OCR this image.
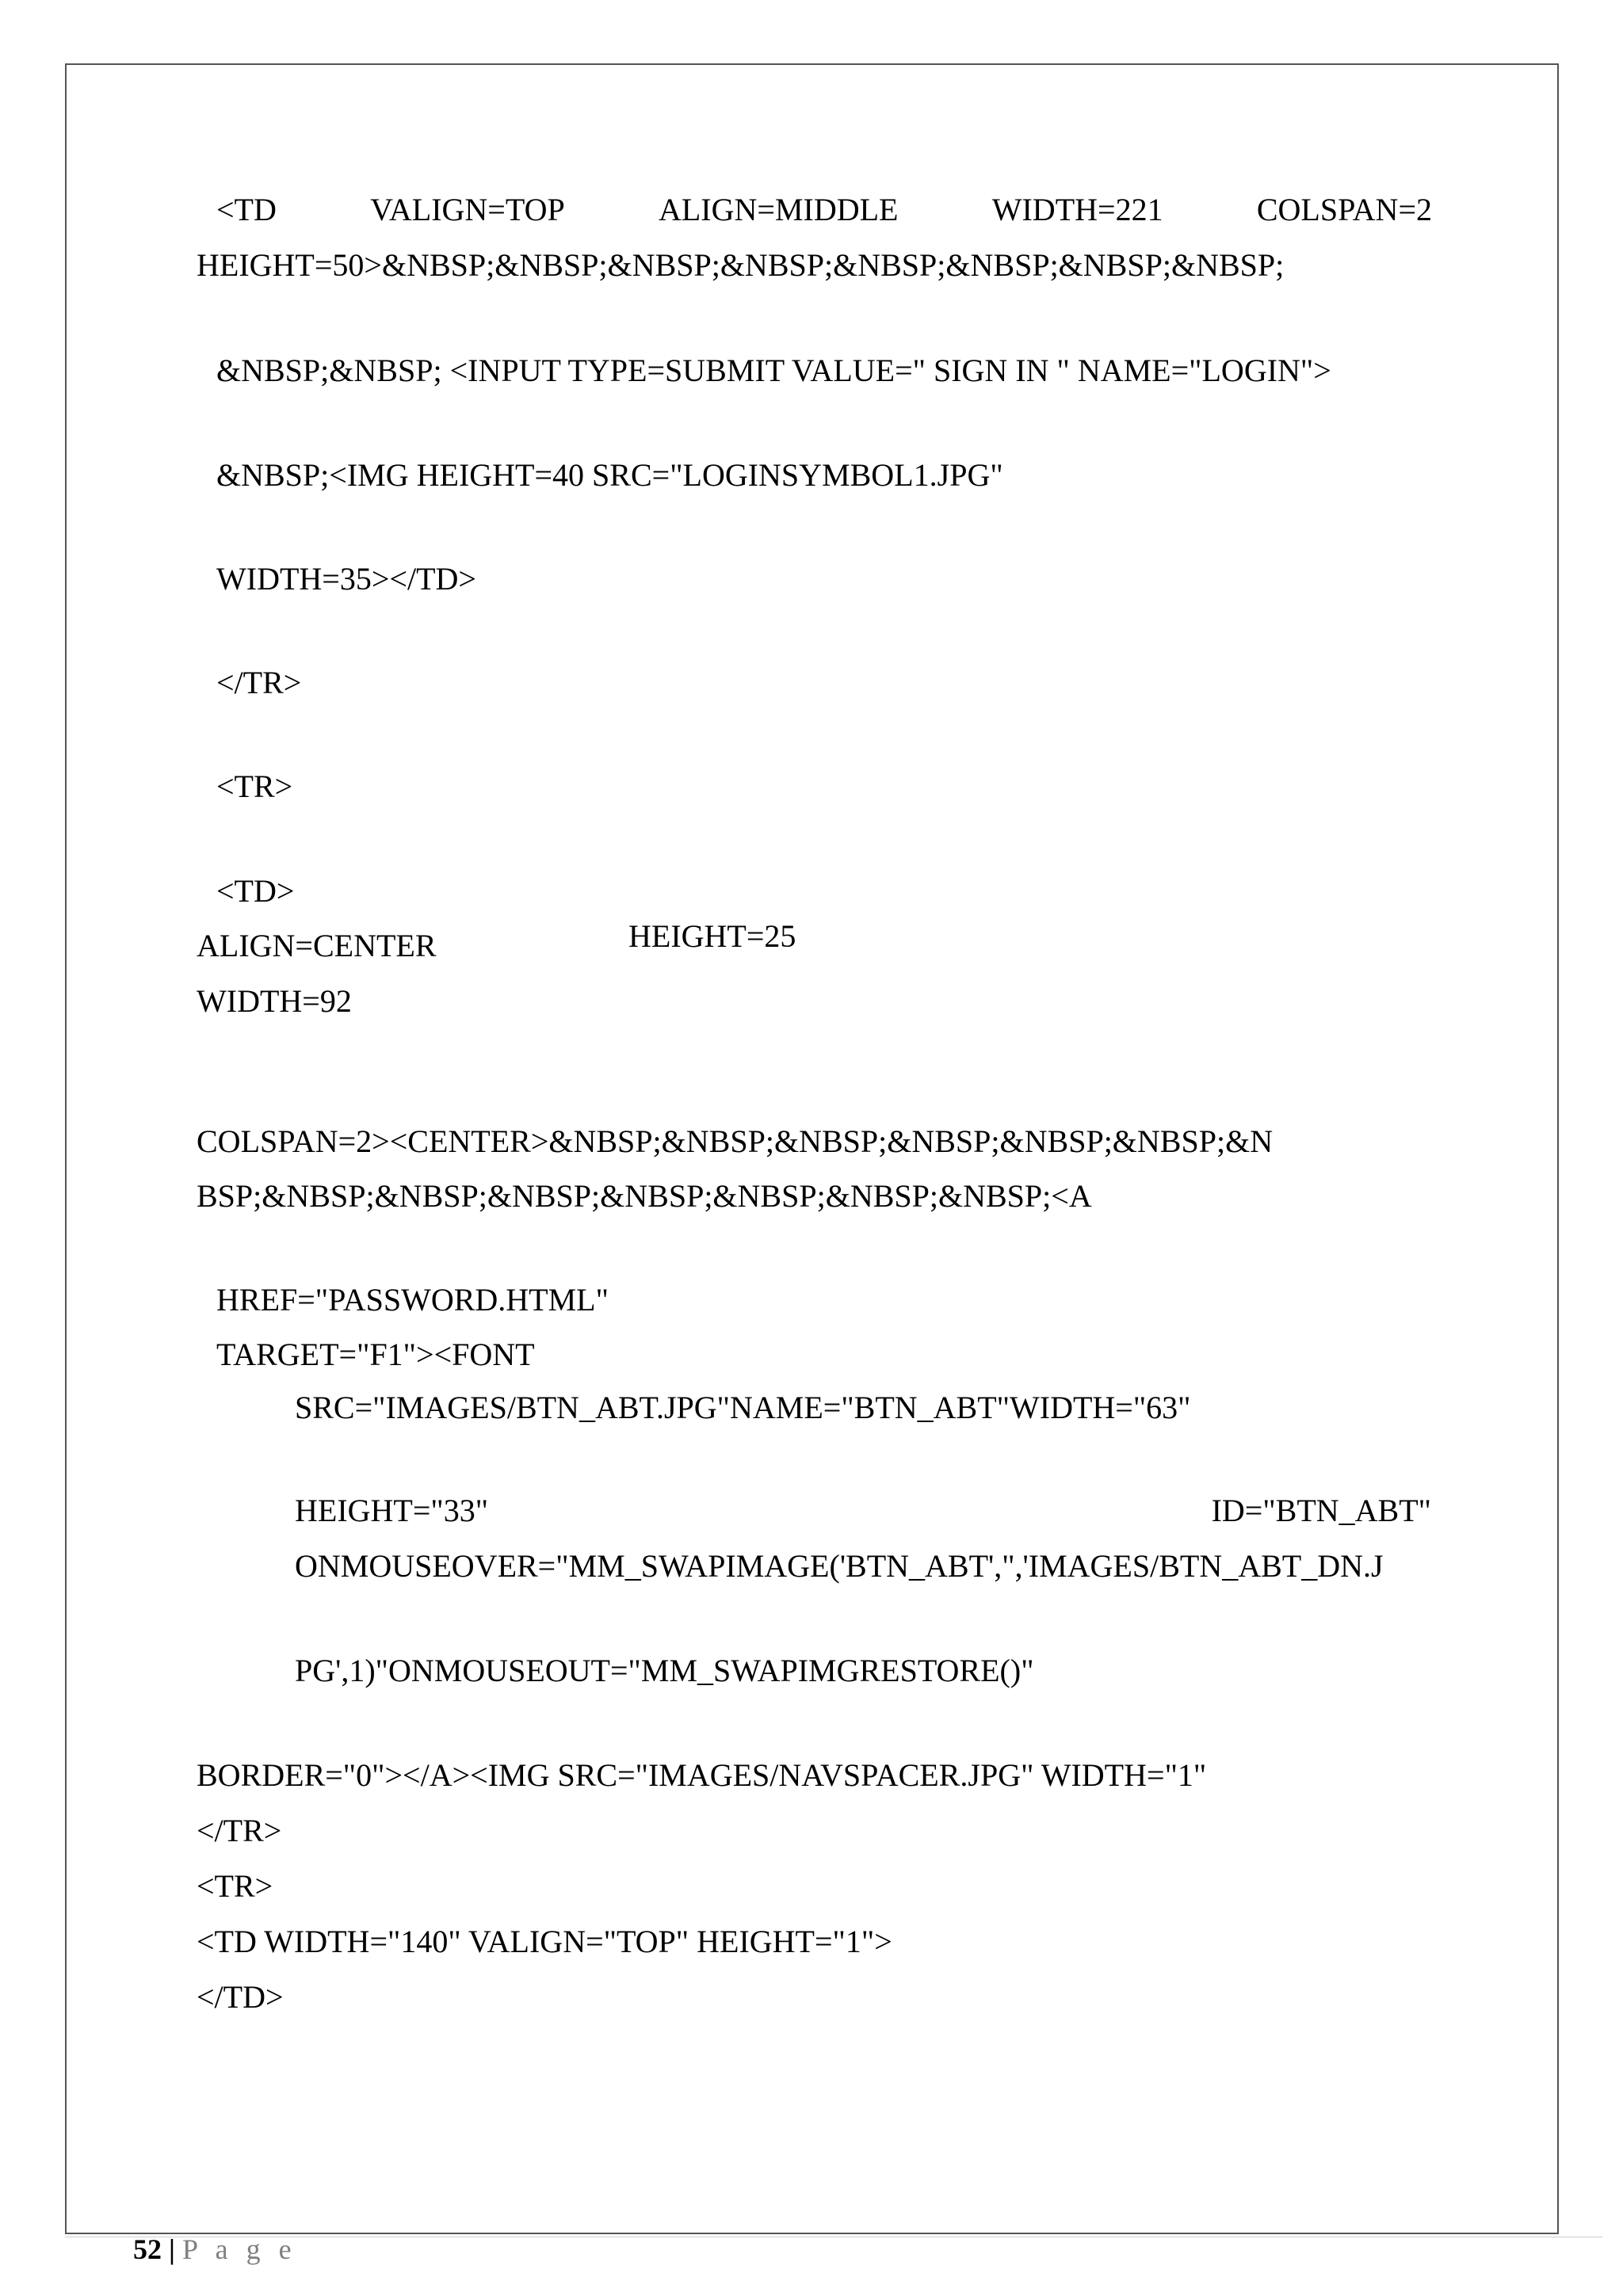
<TD	VALIGN=TOP	ALIGN=MIDDLE	WIDTH=221	COLSPAN=2
HEIGHT=50>&NBSP;&NBSP;&NBSP;&NBSP;&NBSP;&NBSP;&NBSP;&NBSP;
&NBSP;&NBSP; <INPUT TYPE=SUBMIT VALUE=" SIGN IN " NAME="LOGIN">
&NBSP;<IMG HEIGHT=40 SRC="LOGINSYMBOL1.JPG"
WIDTH=35></TD>
</TR>
<TR>
<TD>
ALIGN=CENTER	HEIGHT=25
WIDTH=92
COLSPAN=2><CENTER>&NBSP;&NBSP;&NBSP;&NBSP;&NBSP;&NBSP;&N
BSP;&NBSP;&NBSP;&NBSP;&NBSP;&NBSP;&NBSP;&NBSP;<A
HREF="PASSWORD.HTML"
TARGET="F1"><FONT
SRC="IMAGES/BTN_ABT.JPG"NAME="BTN_ABT"WIDTH="63"
HEIGHT="33"	ID="BTN_ABT"
ONMOUSEOVER="MM_SWAPIMAGE('BTN_ABT',",'IMAGES/BTN_ABT_DN.J
PG',1)"ONMOUSEOUT="MM_SWAPIMGRESTORE()"
BORDER="0"></A><IMG SRC="IMAGES/NAVSPACER.JPG" WIDTH="1"
</TR>
<TR>
<TD WIDTH="140" VALIGN="TOP" HEIGHT="1">
</TD>
52 | P a g e
